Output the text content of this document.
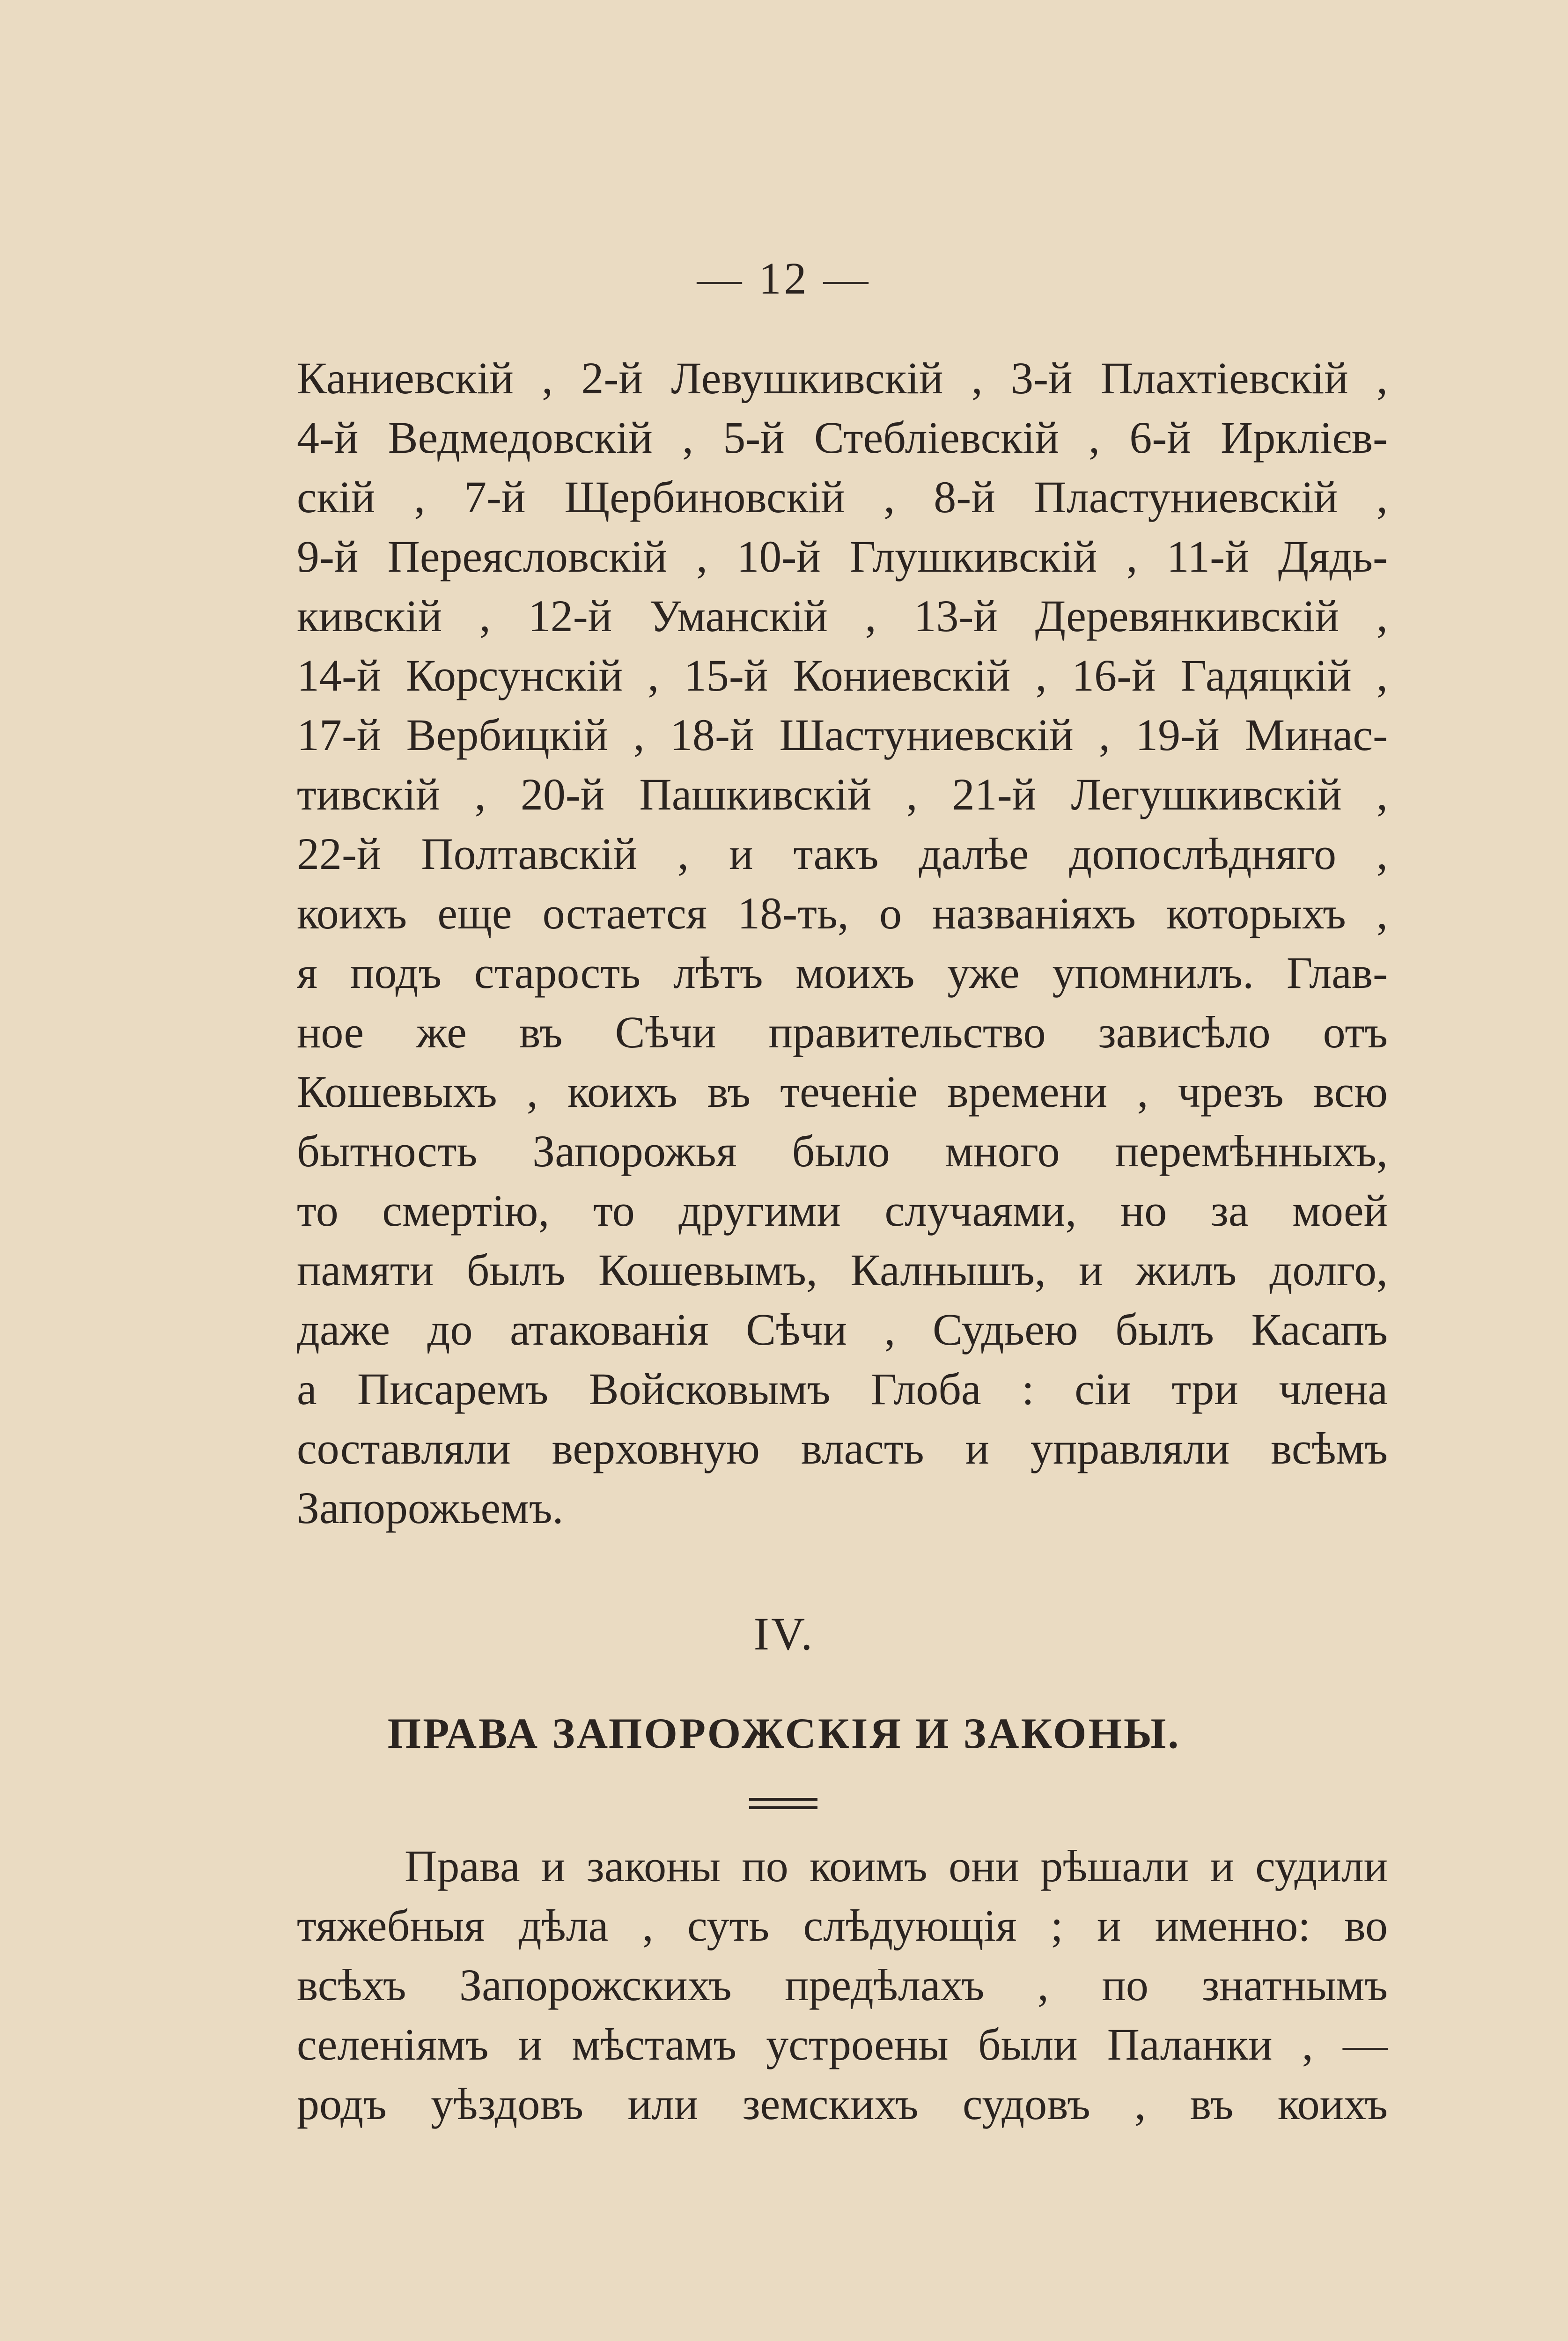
— 12 —
Каниевскій , 2-й Левушкивскій , 3-й Плахтіевскій ,
4-й Ведмедовскій , 5-й Стебліевскій , 6-й Ирклієв-
скій , 7-й Щербиновскій , 8-й Пластуниевскій ,
9-й Переясловскій , 10-й Глушкивскій , 11-й Дядь-
кивскій , 12-й Уманскій , 13-й Деревянкивскій ,
14-й Корсунскій , 15-й Кониевскій , 16-й Гадяцкій ,
17-й Вербицкій , 18-й Шастуниевскій , 19-й Минас-
тивскій , 20-й Пашкивскій , 21-й Легушкивскій ,
22-й Полтавскій , и такъ далѣе допослѣдняго ,
коихъ еще остается 18-ть, о названіяхъ которыхъ ,
я подъ старость лѣтъ моихъ уже упомнилъ. Глав-
ное же въ Сѣчи правительство зависѣло отъ
Кошевыхъ , коихъ въ теченіе времени , чрезъ всю
бытность Запорожья было много перемѣнныхъ,
то смертію, то другими случаями, но за моей
памяти былъ Кошевымъ, Калнышъ, и жилъ долго,
даже до атакованія Сѣчи , Судьею былъ Касапъ
а Писаремъ Войсковымъ Глоба : сіи три члена
составляли верховную власть и управляли всѣмъ
Запорожьемъ.
IV.
ПРАВА ЗАПОРОЖСКІЯ И ЗАКОНЫ.
Права и законы по коимъ они рѣшали и судили
тяжебныя дѣла , суть слѣдующія ; и именно: во
всѣхъ Запорожскихъ предѣлахъ , по знатнымъ
селеніямъ и мѣстамъ устроены были Паланки , —
родъ уѣздовъ или земскихъ судовъ , въ коихъ
